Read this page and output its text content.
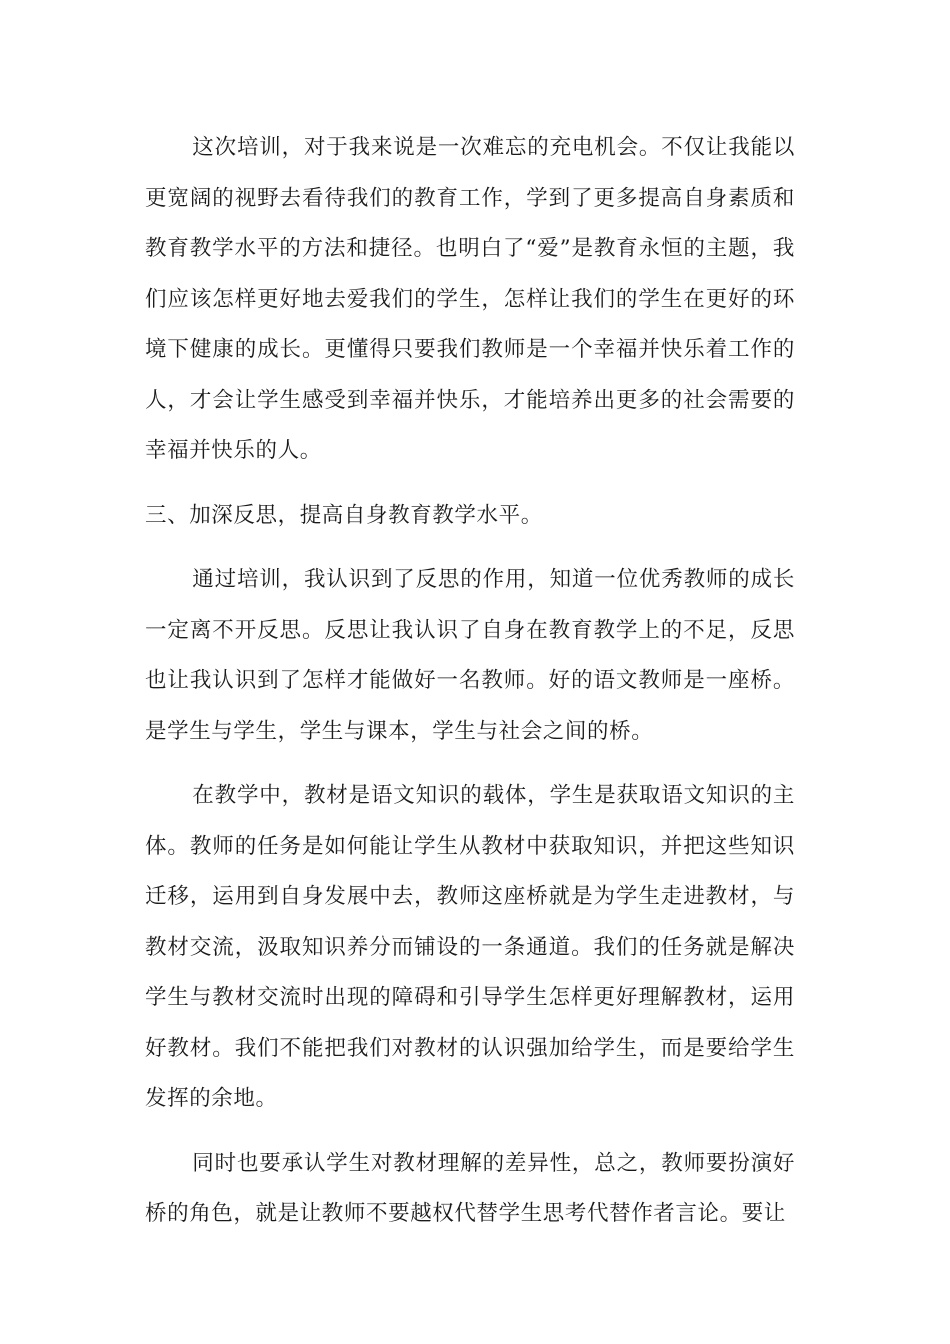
这次培训，对于我来说是一次难忘的充电机会。不仅让我能以更宽阔的视野去看待我们的教育工作，学到了更多提高自身素质和教育教学水平的方法和捷径。也明白了“爱”是教育永恒的主题，我们应该怎样更好地去爱我们的学生，怎样让我们的学生在更好的环境下健康的成长。更懂得只要我们教师是一个幸福并快乐着工作的人，才会让学生感受到幸福并快乐，才能培养出更多的社会需要的幸福并快乐的人。

三、加深反思，提高自身教育教学水平。

通过培训，我认识到了反思的作用，知道一位优秀教师的成长一定离不开反思。反思让我认识了自身在教育教学上的不足，反思也让我认识到了怎样才能做好一名教师。好的语文教师是一座桥。是学生与学生，学生与课本，学生与社会之间的桥。

在教学中，教材是语文知识的载体，学生是获取语文知识的主体。教师的任务是如何能让学生从教材中获取知识，并把这些知识迁移，运用到自身发展中去，教师这座桥就是为学生走进教材，与教材交流，汲取知识养分而铺设的一条通道。我们的任务就是解决学生与教材交流时出现的障碍和引导学生怎样更好理解教材，运用好教材。我们不能把我们对教材的认识强加给学生，而是要给学生发挥的余地。

同时也要承认学生对教材理解的差异性，总之，教师要扮演好桥的角色，就是让教师不要越权代替学生思考代替作者言论。要让
